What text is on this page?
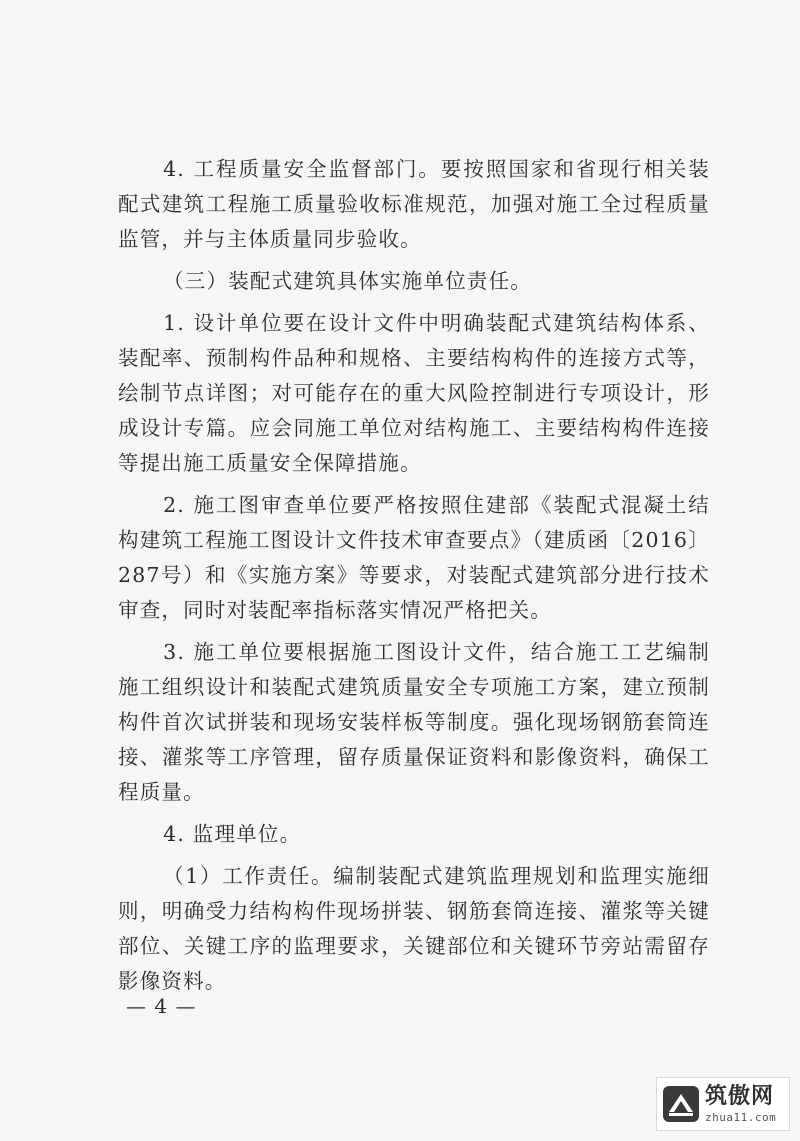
4. 工程质量安全监督部门。要按照国家和省现行相关装配式建筑工程施工质量验收标准规范，加强对施工全过程质量监管，并与主体质量同步验收。

（三）装配式建筑具体实施单位责任。

1. 设计单位要在设计文件中明确装配式建筑结构体系、装配率、预制构件品种和规格、主要结构构件的连接方式等，绘制节点详图；对可能存在的重大风险控制进行专项设计，形成设计专篇。应会同施工单位对结构施工、主要结构构件连接等提出施工质量安全保障措施。

2. 施工图审查单位要严格按照住建部《装配式混凝土结构建筑工程施工图设计文件技术审查要点》（建质函〔2016〕287号）和《实施方案》等要求，对装配式建筑部分进行技术审查，同时对装配率指标落实情况严格把关。

3. 施工单位要根据施工图设计文件，结合施工工艺编制施工组织设计和装配式建筑质量安全专项施工方案，建立预制构件首次试拼装和现场安装样板等制度。强化现场钢筋套筒连接、灌浆等工序管理，留存质量保证资料和影像资料，确保工程质量。

4. 监理单位。

（1）工作责任。编制装配式建筑监理规划和监理实施细则，明确受力结构构件现场拼装、钢筋套筒连接、灌浆等关键部位、关键工序的监理要求，关键部位和关键环节旁站需留存影像资料。

— 4 —
筑傲网
zhua11.com
